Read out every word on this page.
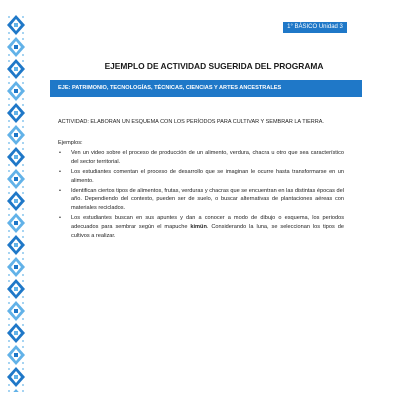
1° BÁSICO Unidad 3
EJEMPLO DE ACTIVIDAD SUGERIDA DEL PROGRAMA
EJE: PATRIMONIO, TECNOLOGÍAS, TÉCNICAS, CIENCIAS Y ARTES ANCESTRALES
ACTIVIDAD: ELABORAN UN ESQUEMA CON LOS PERÍODOS PARA CULTIVAR Y SEMBRAR LA TIERRA.
Ejemplos:
• Ven un video sobre el proceso de producción de un alimento, verdura, chacra u otro que sea característico del sector territorial.
• Los estudiantes comentan el proceso de desarrollo que se imaginan le ocurre hasta transformarse en un alimento.
• Identifican ciertos tipos de alimentos, frutas, verduras y chacras que se encuentran en las distintas épocas del año. Dependiendo del contexto, pueden ser de suelo, o buscar alternativas de plantaciones aéreas con materiales reciclados.
• Los estudiantes buscan en sus apuntes y dan a conocer a modo de dibujo o esquema, los periodos adecuados para sembrar según el mapuche kimün. Considerando la luna, se seleccionan los tipos de cultivos a realizar.
